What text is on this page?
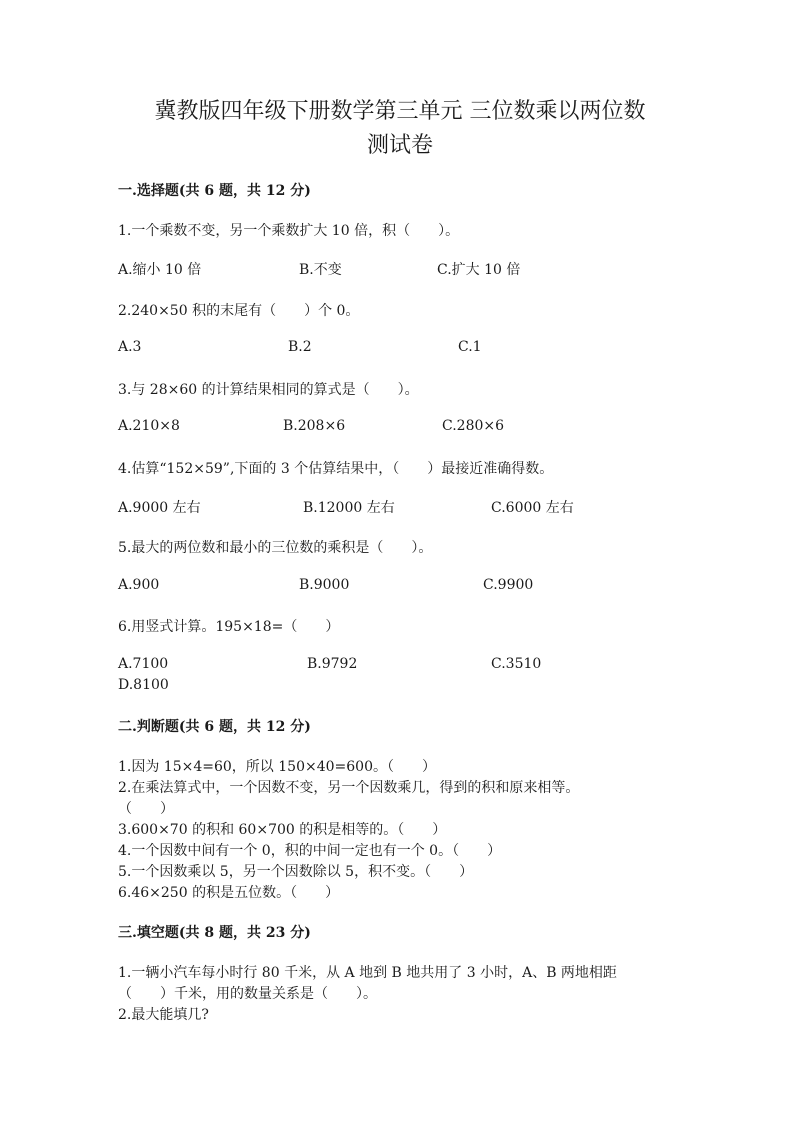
冀教版四年级下册数学第三单元 三位数乘以两位数
测试卷
一.选择题(共 6 题，共 12 分)
1.一个乘数不变，另一个乘数扩大 10 倍，积（　　）。
A.缩小 10 倍	B.不变	C.扩大 10 倍
2.240×50 积的末尾有（　　）个 0。
A.3	B.2	C.1
3.与 28×60 的计算结果相同的算式是（　　）。
A.210×8	B.208×6	C.280×6
4.估算“152×59”,下面的 3 个估算结果中，（　　）最接近准确得数。
A.9000 左右	B.12000 左右	C.6000 左右
5.最大的两位数和最小的三位数的乘积是（　　）。
A.900	B.9000	C.9900
6.用竖式计算。195×18=（　　）
A.7100	B.9792	C.3510
D.8100
二.判断题(共 6 题，共 12 分)
1.因为 15×4=60，所以 150×40=600。（　　）
2.在乘法算式中，一个因数不变，另一个因数乘几，得到的积和原来相等。
（　　）
3.600×70 的积和 60×700 的积是相等的。（　　）
4.一个因数中间有一个 0，积的中间一定也有一个 0。（　　）
5.一个因数乘以 5，另一个因数除以 5，积不变。（　　）
6.46×250 的积是五位数。（　　）
三.填空题(共 8 题，共 23 分)
1.一辆小汽车每小时行 80 千米，从 A 地到 B 地共用了 3 小时，A、B 两地相距
（　　）千米，用的数量关系是（　　）。
2.最大能填几?
